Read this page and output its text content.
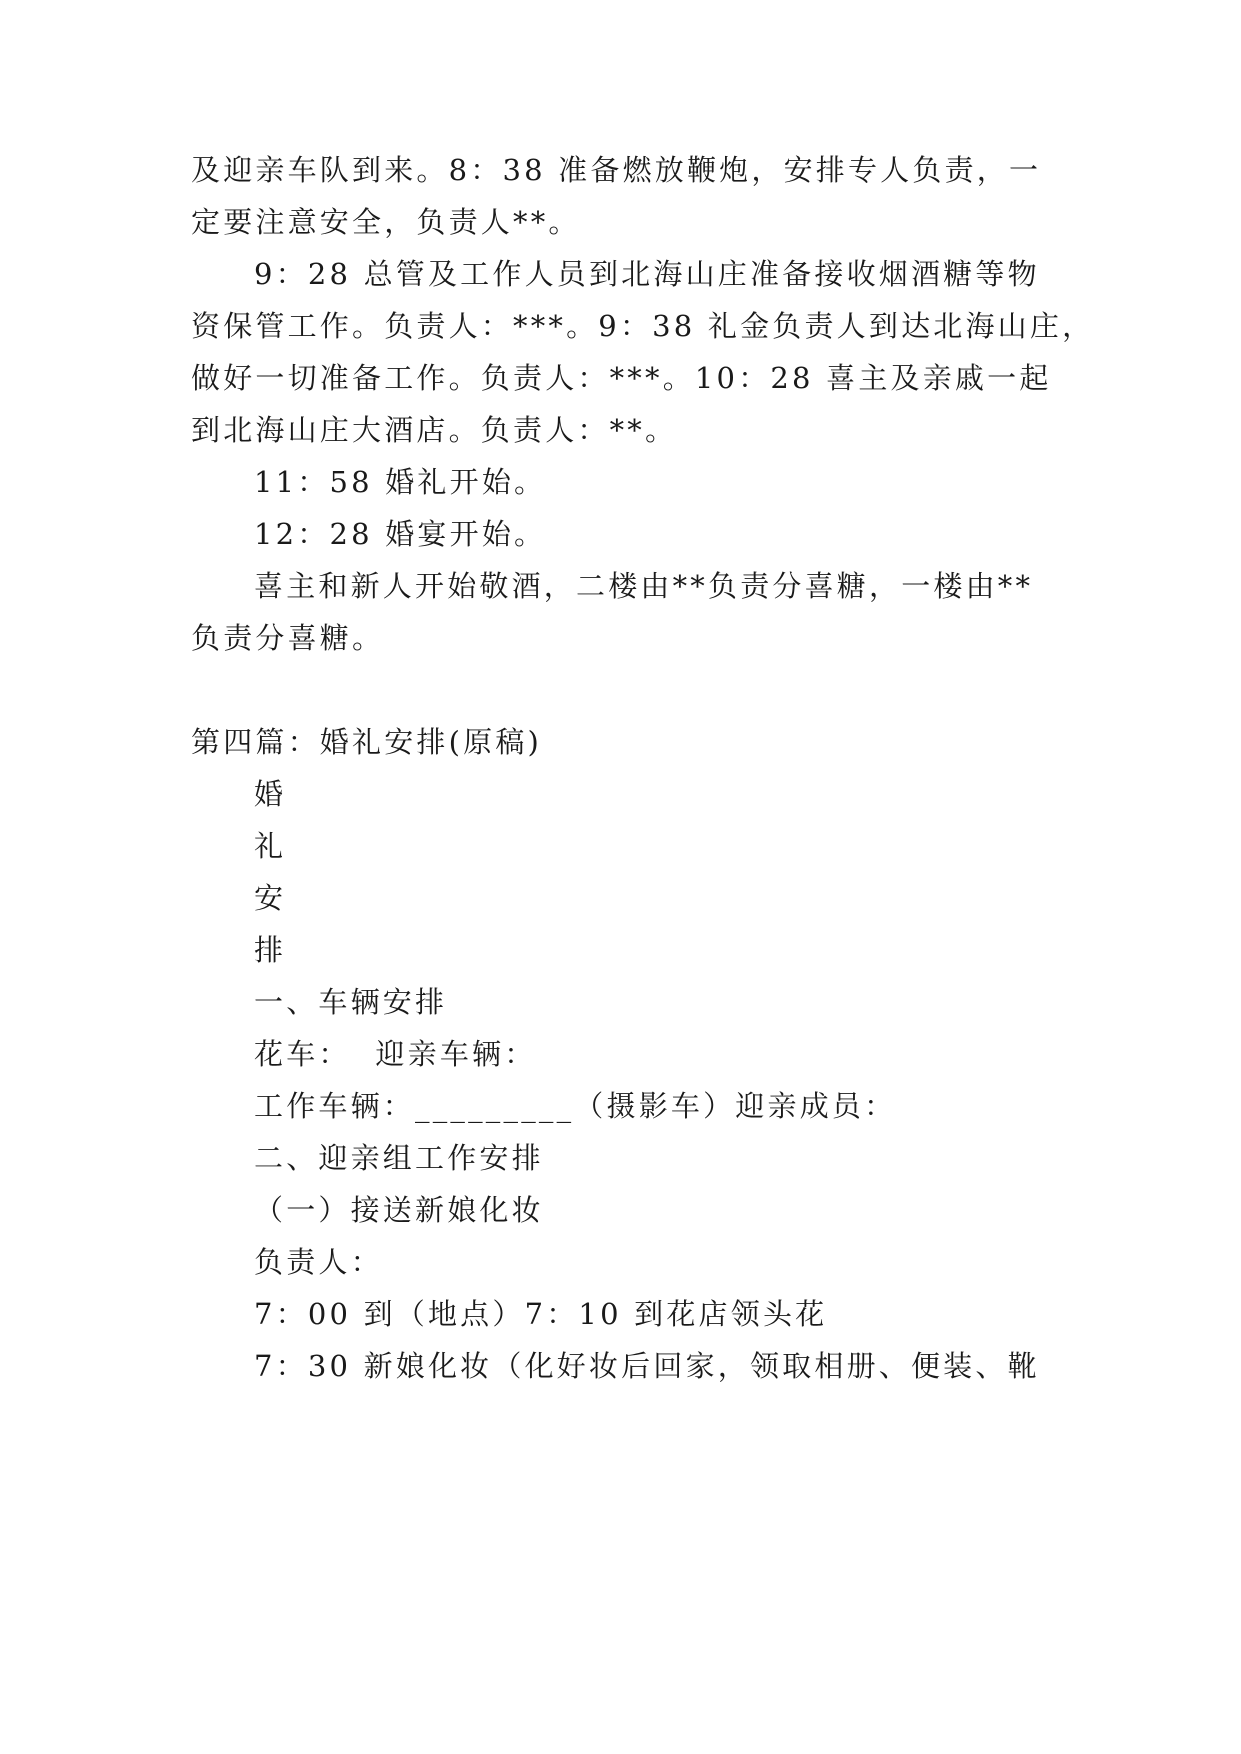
及迎亲车队到来。8：38 准备燃放鞭炮，安排专人负责，一
定要注意安全，负责人**。
9：28 总管及工作人员到北海山庄准备接收烟酒糖等物
资保管工作。负责人：***。9：38 礼金负责人到达北海山庄，
做好一切准备工作。负责人：***。10：28 喜主及亲戚一起
到北海山庄大酒店。负责人：**。
11：58 婚礼开始。
12：28 婚宴开始。
喜主和新人开始敬酒，二楼由**负责分喜糖，一楼由**
负责分喜糖。
第四篇：婚礼安排(原稿)
婚
礼
安
排
一、车辆安排
花车：  迎亲车辆：
工作车辆：_________（摄影车）迎亲成员：
二、迎亲组工作安排
（一）接送新娘化妆
负责人：
7：00 到（地点）7：10 到花店领头花
7：30 新娘化妆（化好妆后回家，领取相册、便装、靴
